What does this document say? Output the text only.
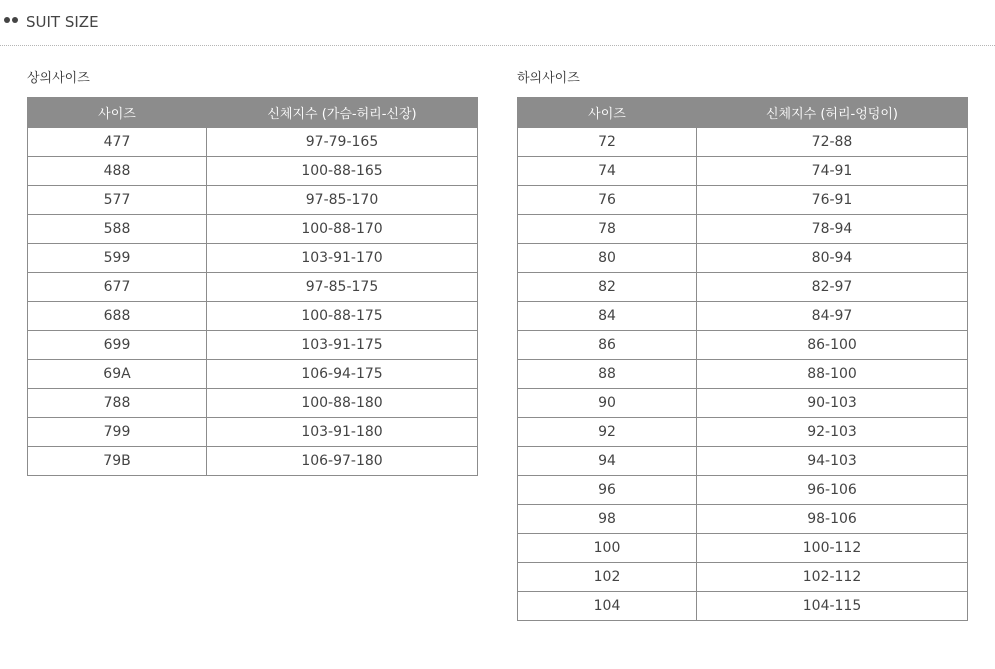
SUIT SIZE
상의사이즈
사이즈	신체지수 (가슴-허리-신장)
477	97-79-165
488	100-88-165
577	97-85-170
588	100-88-170
599	103-91-170
677	97-85-175
688	100-88-175
699	103-91-175
69A	106-94-175
788	100-88-180
799	103-91-180
79B	106-97-180
하의사이즈
사이즈	신체지수 (허리-엉덩이)
72	72-88
74	74-91
76	76-91
78	78-94
80	80-94
82	82-97
84	84-97
86	86-100
88	88-100
90	90-103
92	92-103
94	94-103
96	96-106
98	98-106
100	100-112
102	102-112
104	104-115
